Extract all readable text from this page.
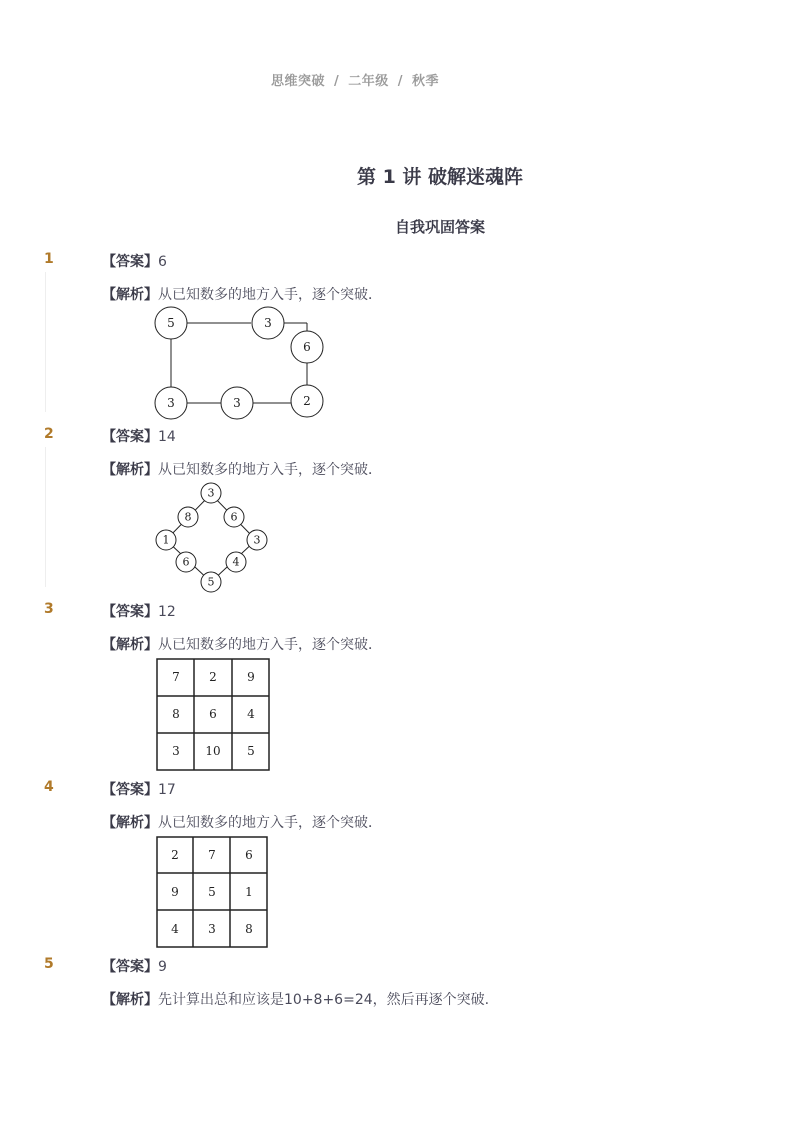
思维突破 / 二年级 / 秋季
第 1 讲 破解迷魂阵
自我巩固答案
1	【答案】6
【解析】从已知数多的地方入手，逐个突破．
5	3
6
3	3	2
2	【答案】14
【解析】从已知数多的地方入手，逐个突破．
3
8	6
1	3
6	4
5
3	【答案】12
【解析】从已知数多的地方入手，逐个突破．
7 2	9
8 6	4
3 10 5
4	【答案】17
【解析】从已知数多的地方入手，逐个突破．
2 7 6
9 5 1
4 3 8
5	【答案】9
【解析】先计算出总和应该是10+8+6=24，然后再逐个突破.
